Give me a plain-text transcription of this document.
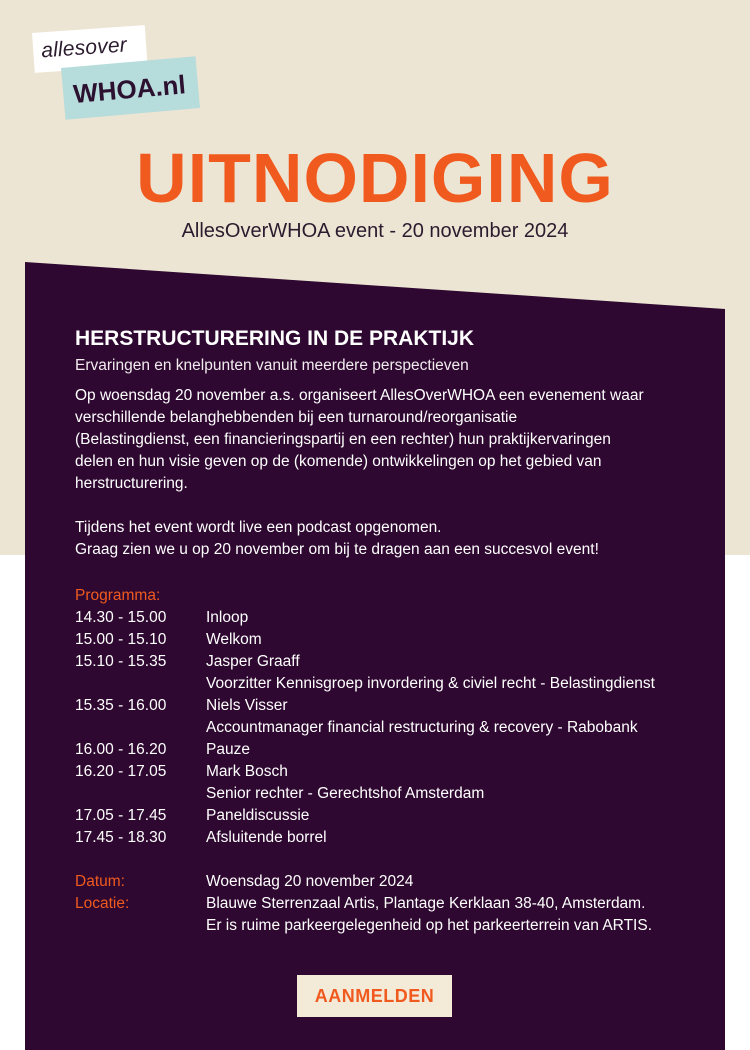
allesover
WHOA.nl
UITNODIGING
AllesOverWHOA event - 20 november 2024
HERSTRUCTURERING IN DE PRAKTIJK

Ervaringen en knelpunten vanuit meerdere perspectieven

Op woensdag 20 november a.s. organiseert AllesOverWHOA een evenement waar

verschillende belanghebbenden bij een turnaround/reorganisatie

(Belastingdienst, een financieringspartij en een rechter) hun praktijkervaringen

delen en hun visie geven op de (komende) ontwikkelingen op het gebied van

herstructurering.

Tijdens het event wordt live een podcast opgenomen.

Graag zien we u op 20 november om bij te dragen aan een succesvol event!

Programma:
14.30 - 15.00	Inloop
15.00 - 15.10	Welkom
15.10 - 15.35	Jasper Graaff
Voorzitter Kennisgroep invordering & civiel recht - Belastingdienst
15.35 - 16.00	Niels Visser
Accountmanager financial restructuring & recovery - Rabobank
16.00 - 16.20	Pauze
16.20 - 17.05	Mark Bosch
Senior rechter - Gerechtshof Amsterdam
17.05 - 17.45	Paneldiscussie
17.45 - 18.30	Afsluitende borrel
Datum:	Woensdag 20 november 2024
Locatie:	Blauwe Sterrenzaal Artis, Plantage Kerklaan 38-40, Amsterdam.
Er is ruime parkeergelegenheid op het parkeerterrein van ARTIS.
AANMELDEN
